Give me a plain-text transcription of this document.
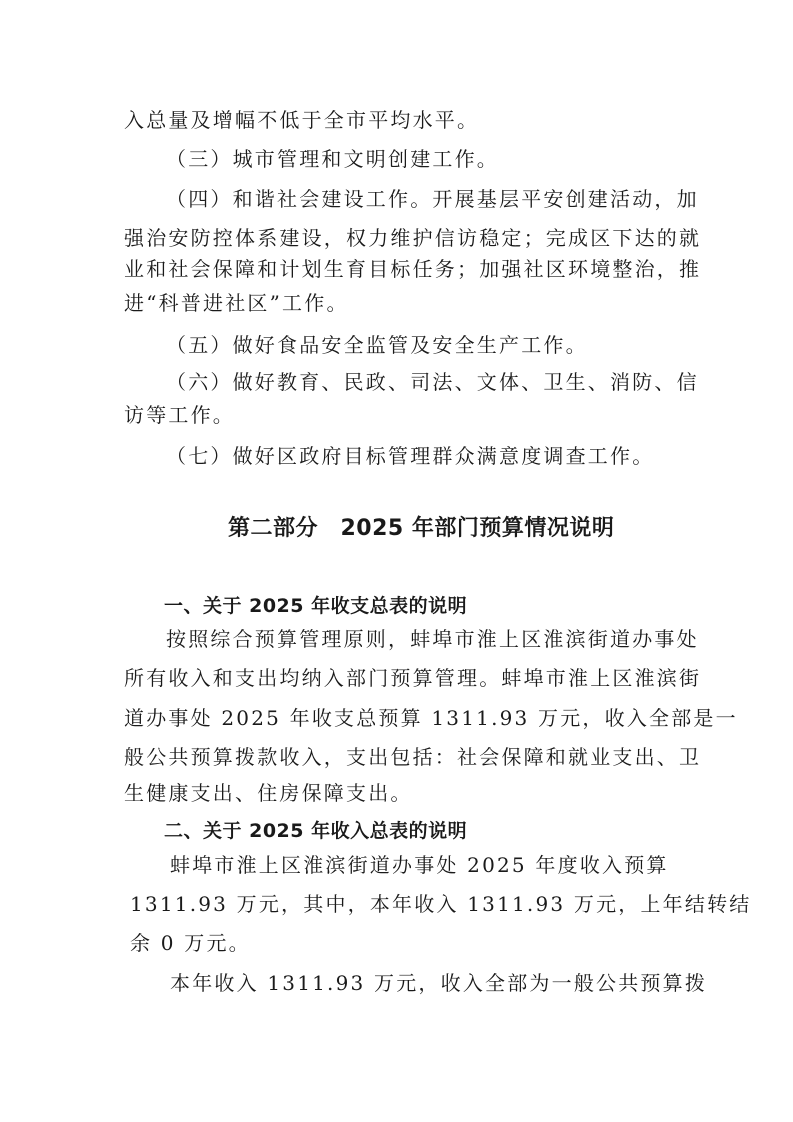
入总量及增幅不低于全市平均水平。
（三）城市管理和文明创建工作。
（四）和谐社会建设工作。开展基层平安创建活动，加
强治安防控体系建设，权力维护信访稳定；完成区下达的就
业和社会保障和计划生育目标任务；加强社区环境整治，推
进“科普进社区”工作。
（五）做好食品安全监管及安全生产工作。
（六）做好教育、民政、司法、文体、卫生、消防、信
访等工作。
（七）做好区政府目标管理群众满意度调查工作。
第二部分　2025 年部门预算情况说明
一、关于 2025 年收支总表的说明
按照综合预算管理原则，蚌埠市淮上区淮滨街道办事处
所有收入和支出均纳入部门预算管理。蚌埠市淮上区淮滨街
道办事处 2025 年收支总预算 1311.93 万元，收入全部是一
般公共预算拨款收入，支出包括：社会保障和就业支出、卫
生健康支出、住房保障支出。
二、关于 2025 年收入总表的说明
蚌埠市淮上区淮滨街道办事处 2025 年度收入预算
1311.93 万元，其中，本年收入 1311.93 万元，上年结转结
余 0 万元。
本年收入 1311.93 万元，收入全部为一般公共预算拨
